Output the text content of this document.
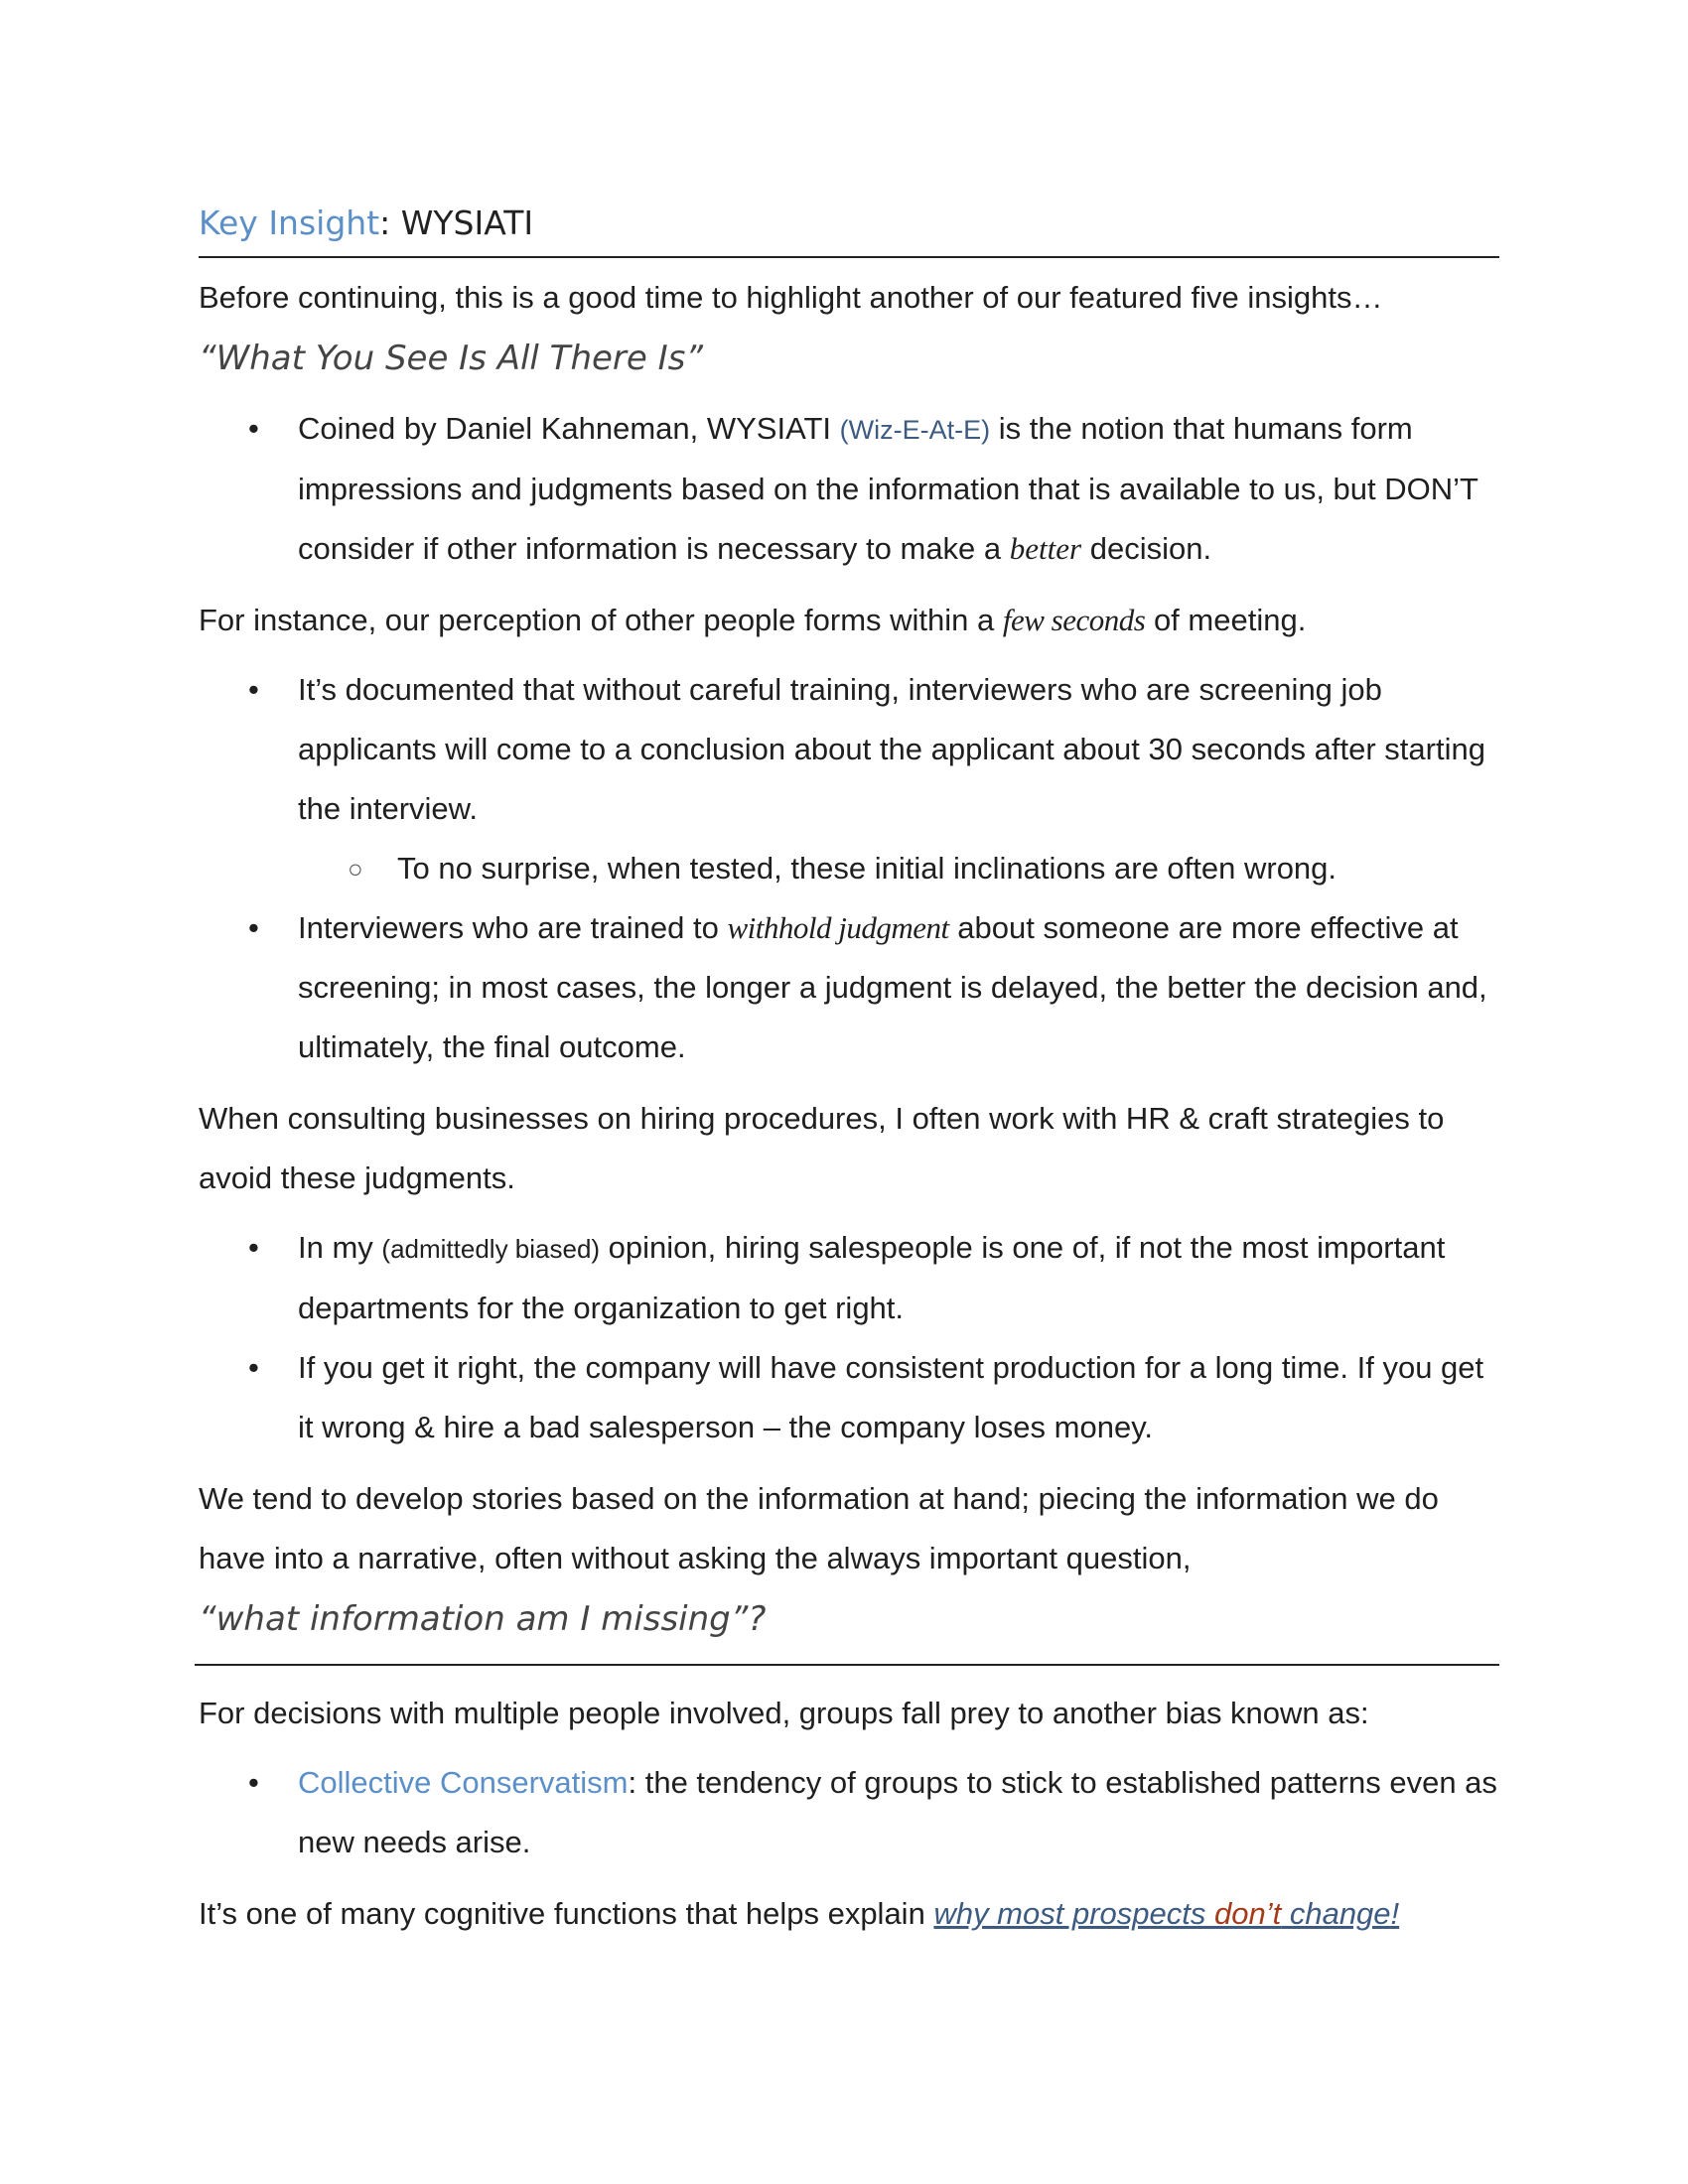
Key Insight: WYSIATI

Before continuing, this is a good time to highlight another of our featured five insights…

“What You See Is All There Is”

• Coined by Daniel Kahneman, WYSIATI (Wiz-E-At-E) is the notion that humans form impressions and judgments based on the information that is available to us, but DON’T consider if other information is necessary to make a better decision.

For instance, our perception of other people forms within a few seconds of meeting.

• It’s documented that without careful training, interviewers who are screening job applicants will come to a conclusion about the applicant about 30 seconds after starting the interview.
○ To no surprise, when tested, these initial inclinations are often wrong.
• Interviewers who are trained to withhold judgment about someone are more effective at screening; in most cases, the longer a judgment is delayed, the better the decision and, ultimately, the final outcome.

When consulting businesses on hiring procedures, I often work with HR & craft strategies to avoid these judgments.

• In my (admittedly biased) opinion, hiring salespeople is one of, if not the most important departments for the organization to get right.
• If you get it right, the company will have consistent production for a long time. If you get it wrong & hire a bad salesperson – the company loses money.

We tend to develop stories based on the information at hand; piecing the information we do have into a narrative, often without asking the always important question,

“what information am I missing”?

For decisions with multiple people involved, groups fall prey to another bias known as:

• Collective Conservatism: the tendency of groups to stick to established patterns even as new needs arise.

It’s one of many cognitive functions that helps explain why most prospects don’t change!
